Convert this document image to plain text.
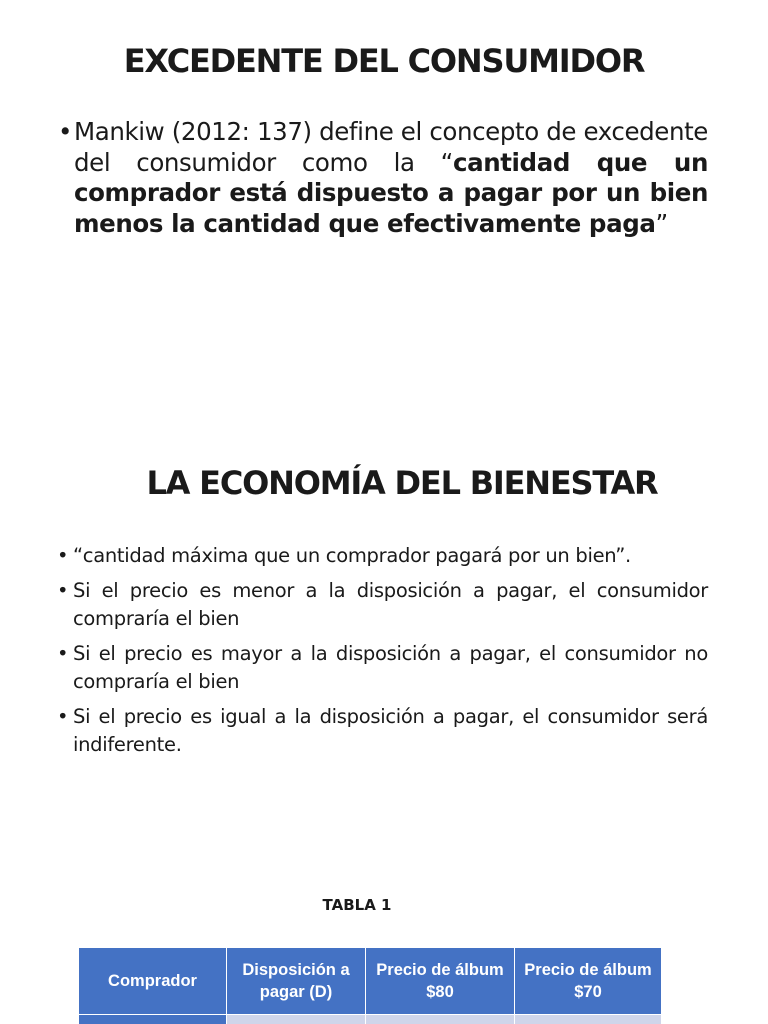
EXCEDENTE DEL CONSUMIDOR
• Mankiw (2012: 137) define el concepto de excedente del consumidor como la “cantidad que un comprador está dispuesto a pagar por un bien menos la cantidad que efectivamente paga”
LA ECONOMÍA DEL BIENESTAR
• “cantidad máxima que un comprador pagará por un bien”.
• Si el precio es menor a la disposición a pagar, el consumidor compraría el bien
• Si el precio es mayor a la disposición a pagar, el consumidor no compraría el bien
• Si el precio es igual a la disposición a pagar, el consumidor será indiferente.
TABLA 1
Comprador	Disposición a pagar (D)	Precio de álbum $80	Precio de álbum $70
